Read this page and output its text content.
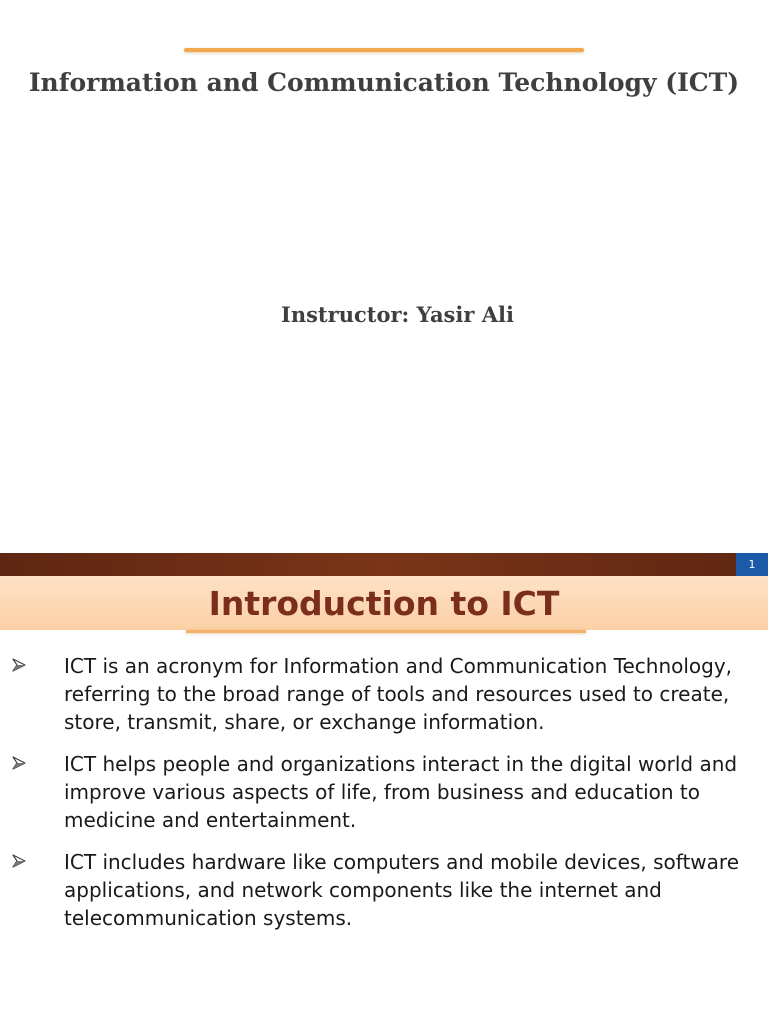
Information and Communication Technology (ICT)

Instructor: Yasir Ali

1
Introduction to ICT
ICT is an acronym for Information and Communication Technology, referring to the broad range of tools and resources used to create, store, transmit, share, or exchange information.
ICT helps people and organizations interact in the digital world and improve various aspects of life, from business and education to medicine and entertainment.
ICT includes hardware like computers and mobile devices, software applications, and network components like the internet and telecommunication systems.
